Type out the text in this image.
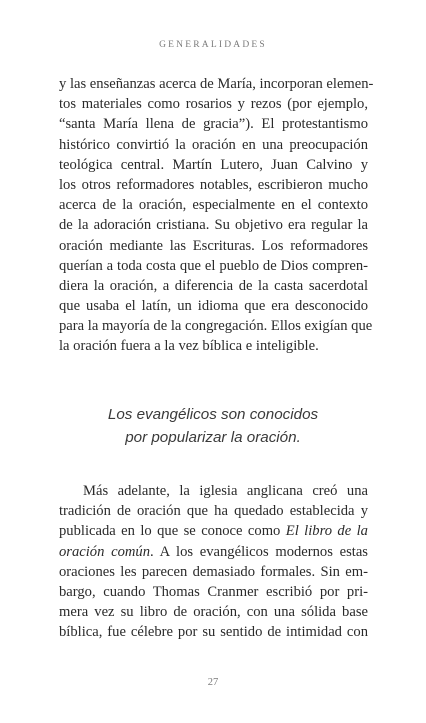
GENERALIDADES
y las enseñanzas acerca de María, incorporan elemen-
tos materiales como rosarios y rezos (por ejemplo,
“santa María llena de gracia”). El protestantismo
histórico convirtió la oración en una preocupación
teológica central. Martín Lutero, Juan Calvino y
los otros reformadores notables, escribieron mucho
acerca de la oración, especialmente en el contexto
de la adoración cristiana. Su objetivo era regular la
oración mediante las Escrituras. Los reformadores
querían a toda costa que el pueblo de Dios compren-
diera la oración, a diferencia de la casta sacerdotal
que usaba el latín, un idioma que era desconocido
para la mayoría de la congregación. Ellos exigían que
la oración fuera a la vez bíblica e inteligible.
Los evangélicos son conocidos
por popularizar la oración.
Más adelante, la iglesia anglicana creó una
tradición de oración que ha quedado establecida y
publicada en lo que se conoce como El libro de la
oración común. A los evangélicos modernos estas
oraciones les parecen demasiado formales. Sin em-
bargo, cuando Thomas Cranmer escribió por pri-
mera vez su libro de oración, con una sólida base
bíblica, fue célebre por su sentido de intimidad con
27
